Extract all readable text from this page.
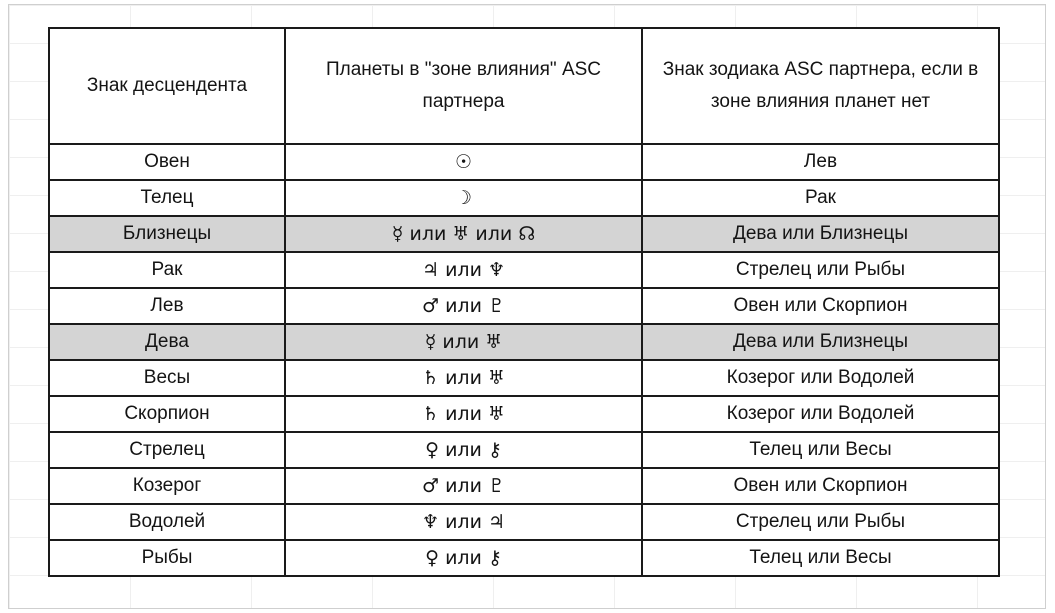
Знак десцендента	Планеты в "зоне влияния" ASC партнера	Знак зодиака ASC партнера, если в зоне влияния планет нет
Овен	☉	Лев
Телец	☽	Рак
Близнецы	☿ или ♅ или ☊	Дева или Близнецы
Рак	♃ или ♆	Стрелец или Рыбы
Лев	♂ или ♇	Овен или Скорпион
Дева	☿ или ♅	Дева или Близнецы
Весы	♄ или ♅	Козерог или Водолей
Скорпион	♄ или ♅	Козерог или Водолей
Стрелец	♀ или ⚷	Телец или Весы
Козерог	♂ или ♇	Овен или Скорпион
Водолей	♆ или ♃	Стрелец или Рыбы
Рыбы	♀ или ⚷	Телец или Весы
